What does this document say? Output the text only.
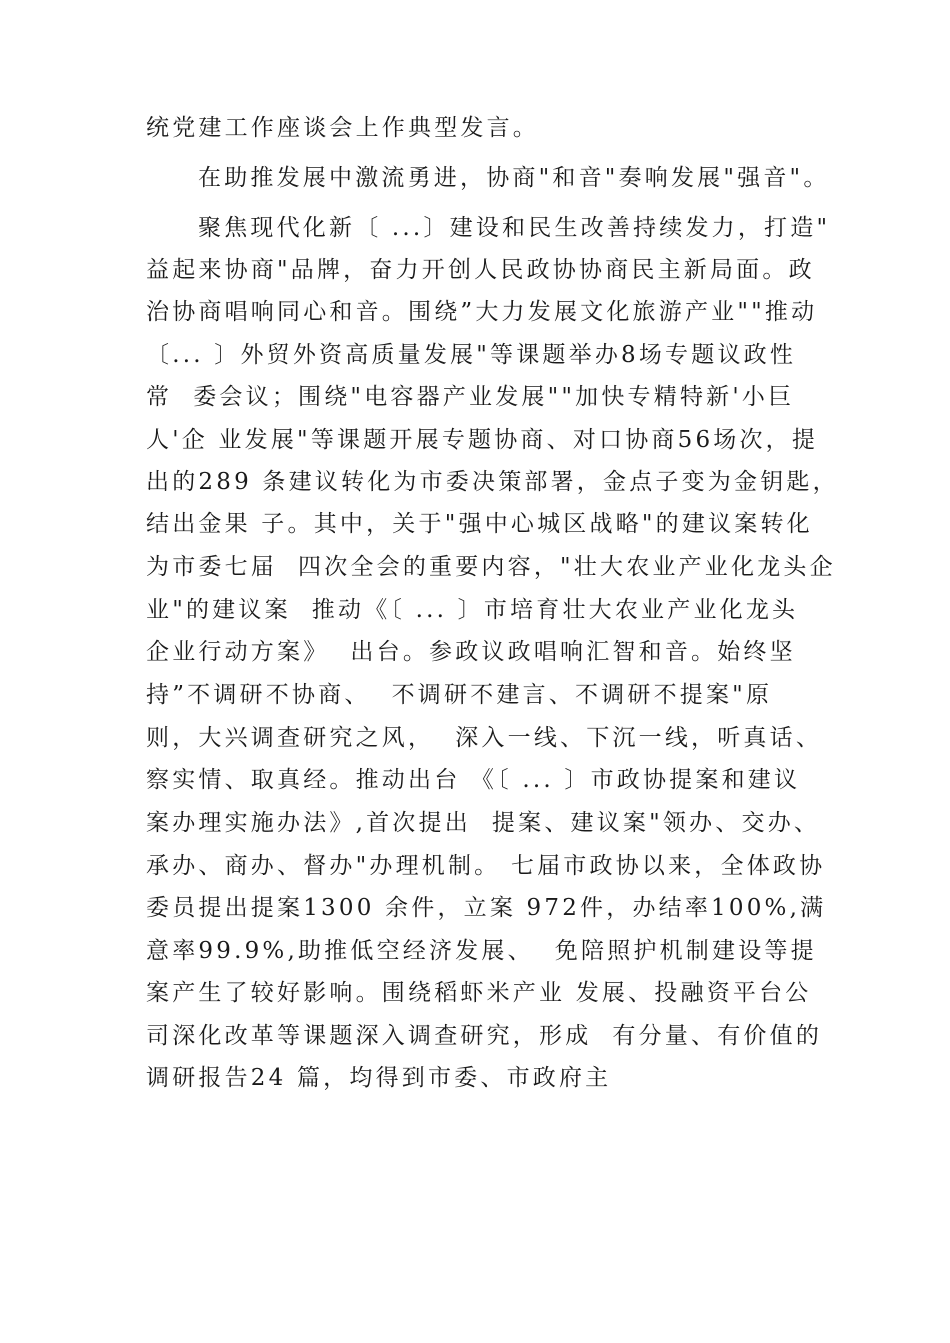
统党建工作座谈会上作典型发言。
在助推发展中激流勇进，协商"和音"奏响发展"强音"。
聚焦现代化新〔 ...〕建设和民生改善持续发力，打造"
益起来协商"品牌，奋力开创人民政协协商民主新局面。政
治协商唱响同心和音。围绕”大力发展文化旅游产业""推动
〔... 〕外贸外资高质量发展"等课题举办8场专题议政性
常  委会议；围绕"电容器产业发展""加快专精特新'小巨
人'企 业发展"等课题开展专题协商、对口协商56场次，提
出的289 条建议转化为市委决策部署，金点子变为金钥匙，
结出金果 子。其中，关于"强中心城区战略"的建议案转化
为市委七届  四次全会的重要内容，"壮大农业产业化龙头企
业"的建议案  推动《〔 ... 〕市培育壮大农业产业化龙头
企业行动方案》  出台。参政议政唱响汇智和音。始终坚
持”不调研不协商、  不调研不建言、不调研不提案"原
则，大兴调查研究之风，  深入一线、下沉一线，听真话、
察实情、取真经。推动出台 《〔 ... 〕市政协提案和建议
案办理实施办法》,首次提出  提案、建议案"领办、交办、
承办、商办、督办"办理机制。 七届市政协以来，全体政协
委员提出提案1300 余件，立案 972件，办结率100%,满
意率99.9%,助推低空经济发展、  免陪照护机制建设等提
案产生了较好影响。围绕稻虾米产业 发展、投融资平台公
司深化改革等课题深入调查研究，形成  有分量、有价值的
调研报告24 篇，均得到市委、市政府主
